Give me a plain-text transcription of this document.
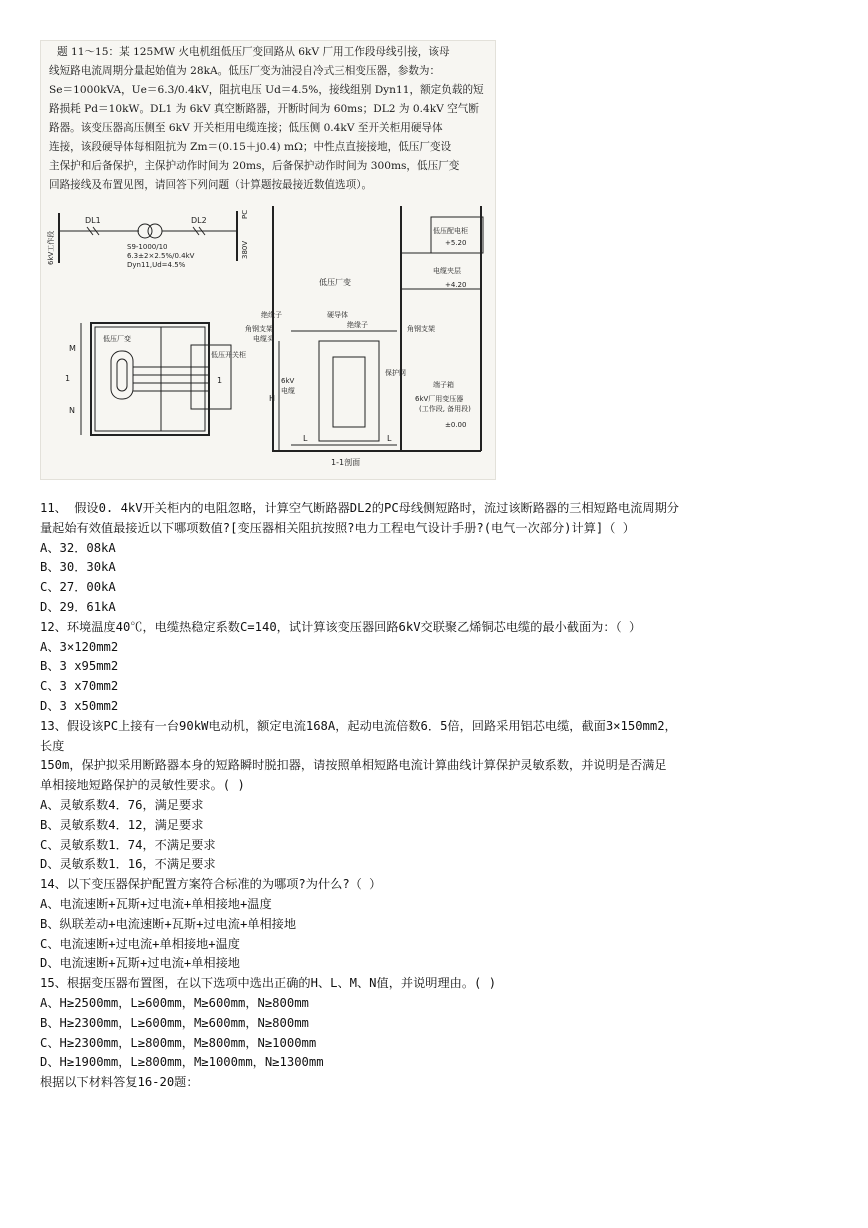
题 11～15：某 125MW 火电机组低压厂变回路从 6kV 厂用工作段母线引接，该母
线短路电流周期分量起始值为 28kA。低压厂变为油浸自冷式三相变压器，参数为：
Se＝1000kVA，Ue＝6.3/0.4kV，阻抗电压 Ud＝4.5%，接线组别 Dyn11，额定负载的短
路损耗 Pd＝10kW。DL1 为 6kV 真空断路器，开断时间为 60ms；DL2 为 0.4kV 空气断
路器。该变压器高压侧至 6kV 开关柜用电缆连接；低压侧 0.4kV 至开关柜用硬导体
连接，该段硬导体每相阻抗为 Zm＝(0.15＋j0.4) mΩ；中性点直接接地，低压厂变设
主保护和后备保护，主保护动作时间为 20ms，后备保护动作时间为 300ms，低压厂变
回路接线及布置见图，请回答下列问题（计算题按最接近数值选项）。
6kV工作段
DL1	DL2
PC
380V
S9-1000/10
6.3±2×2.5%/0.4kV
Dyn11,Ud=4.5%
低压厂变
低压开关柜
M
N
1	1
低压配电柜
+5.20
电缆夹层
+4.20
低压厂变
硬导体
绝缘子
绝缘子
角钢支架	角钢支架
电缆头
6kV
电缆
保护网
端子箱
6kV厂用变压器
(工作段, 备用段)
±0.00
H
L	L
1-1剖面

11、 假设0. 4kV开关柜内的电阻忽略，计算空气断路器DL2的PC母线侧短路时，流过该断路器的三相短路电流周期分

量起始有效值最接近以下哪项数值?[变压器相关阻抗按照?电力工程电气设计手册?(电气一次部分)计算]（ ）

A、32．08kA

B、30．30kA

C、27．00kA

D、29．61kA

12、环境温度40℃，电缆热稳定系数C=140，试计算该变压器回路6kV交联聚乙烯铜芯电缆的最小截面为：（ ）

A、3×120mm2

B、3 x95mm2

C、3 x70mm2

D、3 x50mm2

13、假设该PC上接有一台90kW电动机，额定电流168A，起动电流倍数6．5倍，回路采用铝芯电缆，截面3×150mm2，

长度

150m，保护拟采用断路器本身的短路瞬时脱扣器，请按照单相短路电流计算曲线计算保护灵敏系数，并说明是否满足

单相接地短路保护的灵敏性要求。( )

A、灵敏系数4．76，满足要求

B、灵敏系数4．12，满足要求

C、灵敏系数1．74，不满足要求

D、灵敏系数1．16，不满足要求

14、以下变压器保护配置方案符合标准的为哪项?为什么?（ ）

A、电流速断+瓦斯+过电流+单相接地+温度

B、纵联差动+电流速断+瓦斯+过电流+单相接地

C、电流速断+过电流+单相接地+温度

D、电流速断+瓦斯+过电流+单相接地

15、根据变压器布置图，在以下选项中选出正确的H、L、M、N值，并说明理由。( )

A、H≥2500mm，L≥600mm，M≥600mm，N≥800mm

B、H≥2300mm，L≥600mm，M≥600mm，N≥800mm

C、H≥2300mm，L≥800mm，M≥800mm，N≥1000mm

D、H≥1900mm，L≥800mm，M≥1000mm，N≥1300mm

根据以下材料答复16-20题：
